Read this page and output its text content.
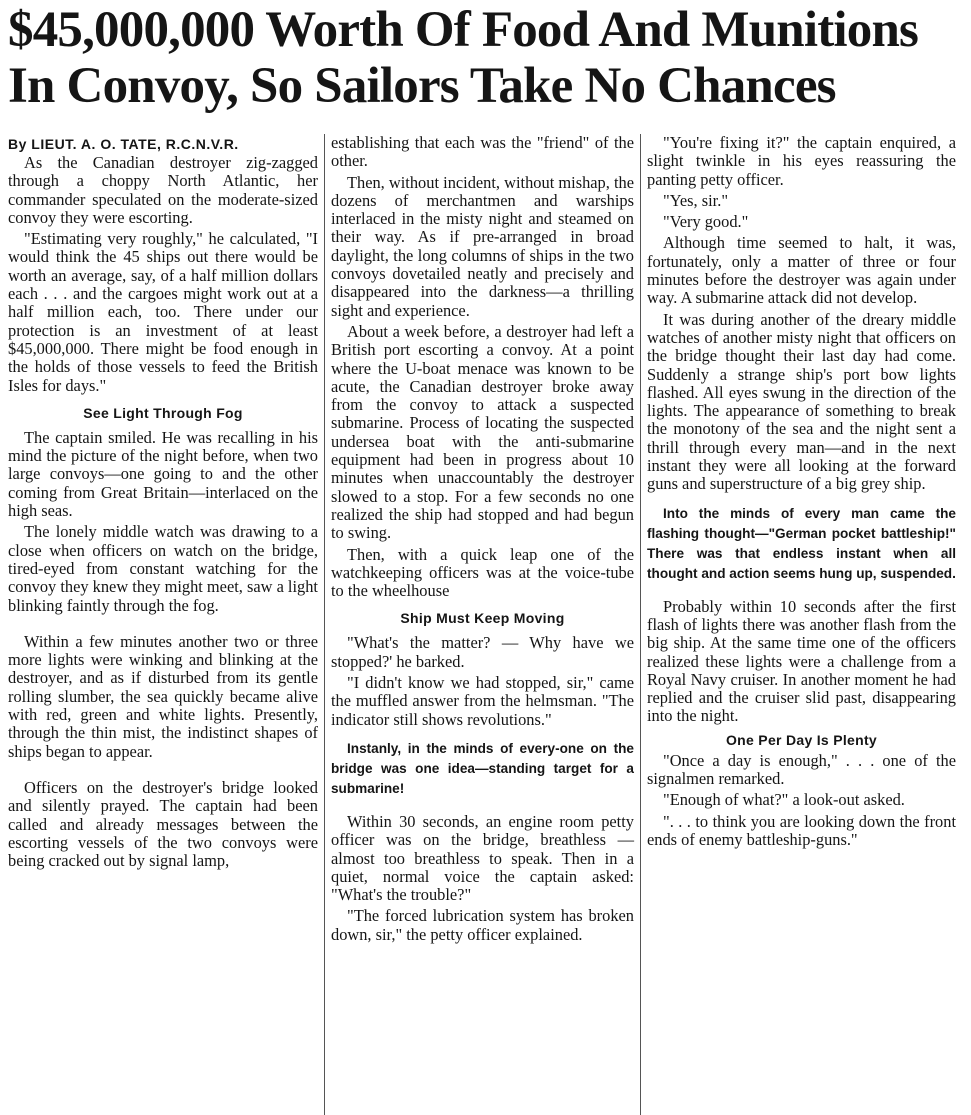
$45,000,000 Worth Of Food And Munitions
In Convoy, So Sailors Take No Chances
By LIEUT. A. O. TATE, R.C.N.V.R.

As the Canadian destroyer zig-zagged through a choppy North Atlantic, her commander speculated on the moderate-sized convoy they were escorting.

"Estimating very roughly," he calculated, "I would think the 45 ships out there would be worth an average, say, of a half million dollars each . . . and the cargoes might work out at a half million each, too. There under our protection is an investment of at least $45,000,000. There might be food enough in the holds of those vessels to feed the British Isles for days."

See Light Through Fog

The captain smiled. He was recalling in his mind the picture of the night before, when two large convoys—one going to and the other coming from Great Britain—interlaced on the high seas.

The lonely middle watch was drawing to a close when officers on watch on the bridge, tired-eyed from constant watching for the convoy they knew they might meet, saw a light blinking faintly through the fog.

Within a few minutes another two or three more lights were winking and blinking at the destroyer, and as if disturbed from its gentle rolling slumber, the sea quickly became alive with red, green and white lights. Presently, through the thin mist, the indistinct shapes of ships began to appear.

Officers on the destroyer's bridge looked and silently prayed. The captain had been called and already messages between the escorting vessels of the two convoys were being cracked out by signal lamp,

establishing that each was the "friend" of the other.

Then, without incident, without mishap, the dozens of merchantmen and warships interlaced in the misty night and steamed on their way. As if pre-arranged in broad daylight, the long columns of ships in the two convoys dovetailed neatly and precisely and disappeared into the darkness—a thrilling sight and experience.

About a week before, a destroyer had left a British port escorting a convoy. At a point where the U-boat menace was known to be acute, the Canadian destroyer broke away from the convoy to attack a suspected submarine. Process of locating the suspected undersea boat with the anti-submarine equipment had been in progress about 10 minutes when unaccountably the destroyer slowed to a stop. For a few seconds no one realized the ship had stopped and had begun to swing.

Then, with a quick leap one of the watchkeeping officers was at the voice-tube to the wheelhouse

Ship Must Keep Moving

"What's the matter? — Why have we stopped?' he barked.

"I didn't know we had stopped, sir," came the muffled answer from the helmsman. "The indicator still shows revolutions."

Instanly, in the minds of every-one on the bridge was one idea—standing target for a submarine!

Within 30 seconds, an engine room petty officer was on the bridge, breathless — almost too breathless to speak. Then in a quiet, normal voice the captain asked: "What's the trouble?"

"The forced lubrication system has broken down, sir," the petty officer explained.

"You're fixing it?" the captain enquired, a slight twinkle in his eyes reassuring the panting petty officer.

"Yes, sir."

"Very good."

Although time seemed to halt, it was, fortunately, only a matter of three or four minutes before the destroyer was again under way. A submarine attack did not develop.

It was during another of the dreary middle watches of another misty night that officers on the bridge thought their last day had come. Suddenly a strange ship's port bow lights flashed. All eyes swung in the direction of the lights. The appearance of something to break the monotony of the sea and the night sent a thrill through every man—and in the next instant they were all looking at the forward guns and superstructure of a big grey ship.

Into the minds of every man came the flashing thought—"German pocket battleship!" There was that endless instant when all thought and action seems hung up, suspended.

Probably within 10 seconds after the first flash of lights there was another flash from the big ship. At the same time one of the officers realized these lights were a challenge from a Royal Navy cruiser. In another moment he had replied and the cruiser slid past, disappearing into the night.

One Per Day Is Plenty

"Once a day is enough," . . . one of the signalmen remarked.

"Enough of what?" a look-out asked.

". . . to think you are looking down the front ends of enemy battleship-guns."
